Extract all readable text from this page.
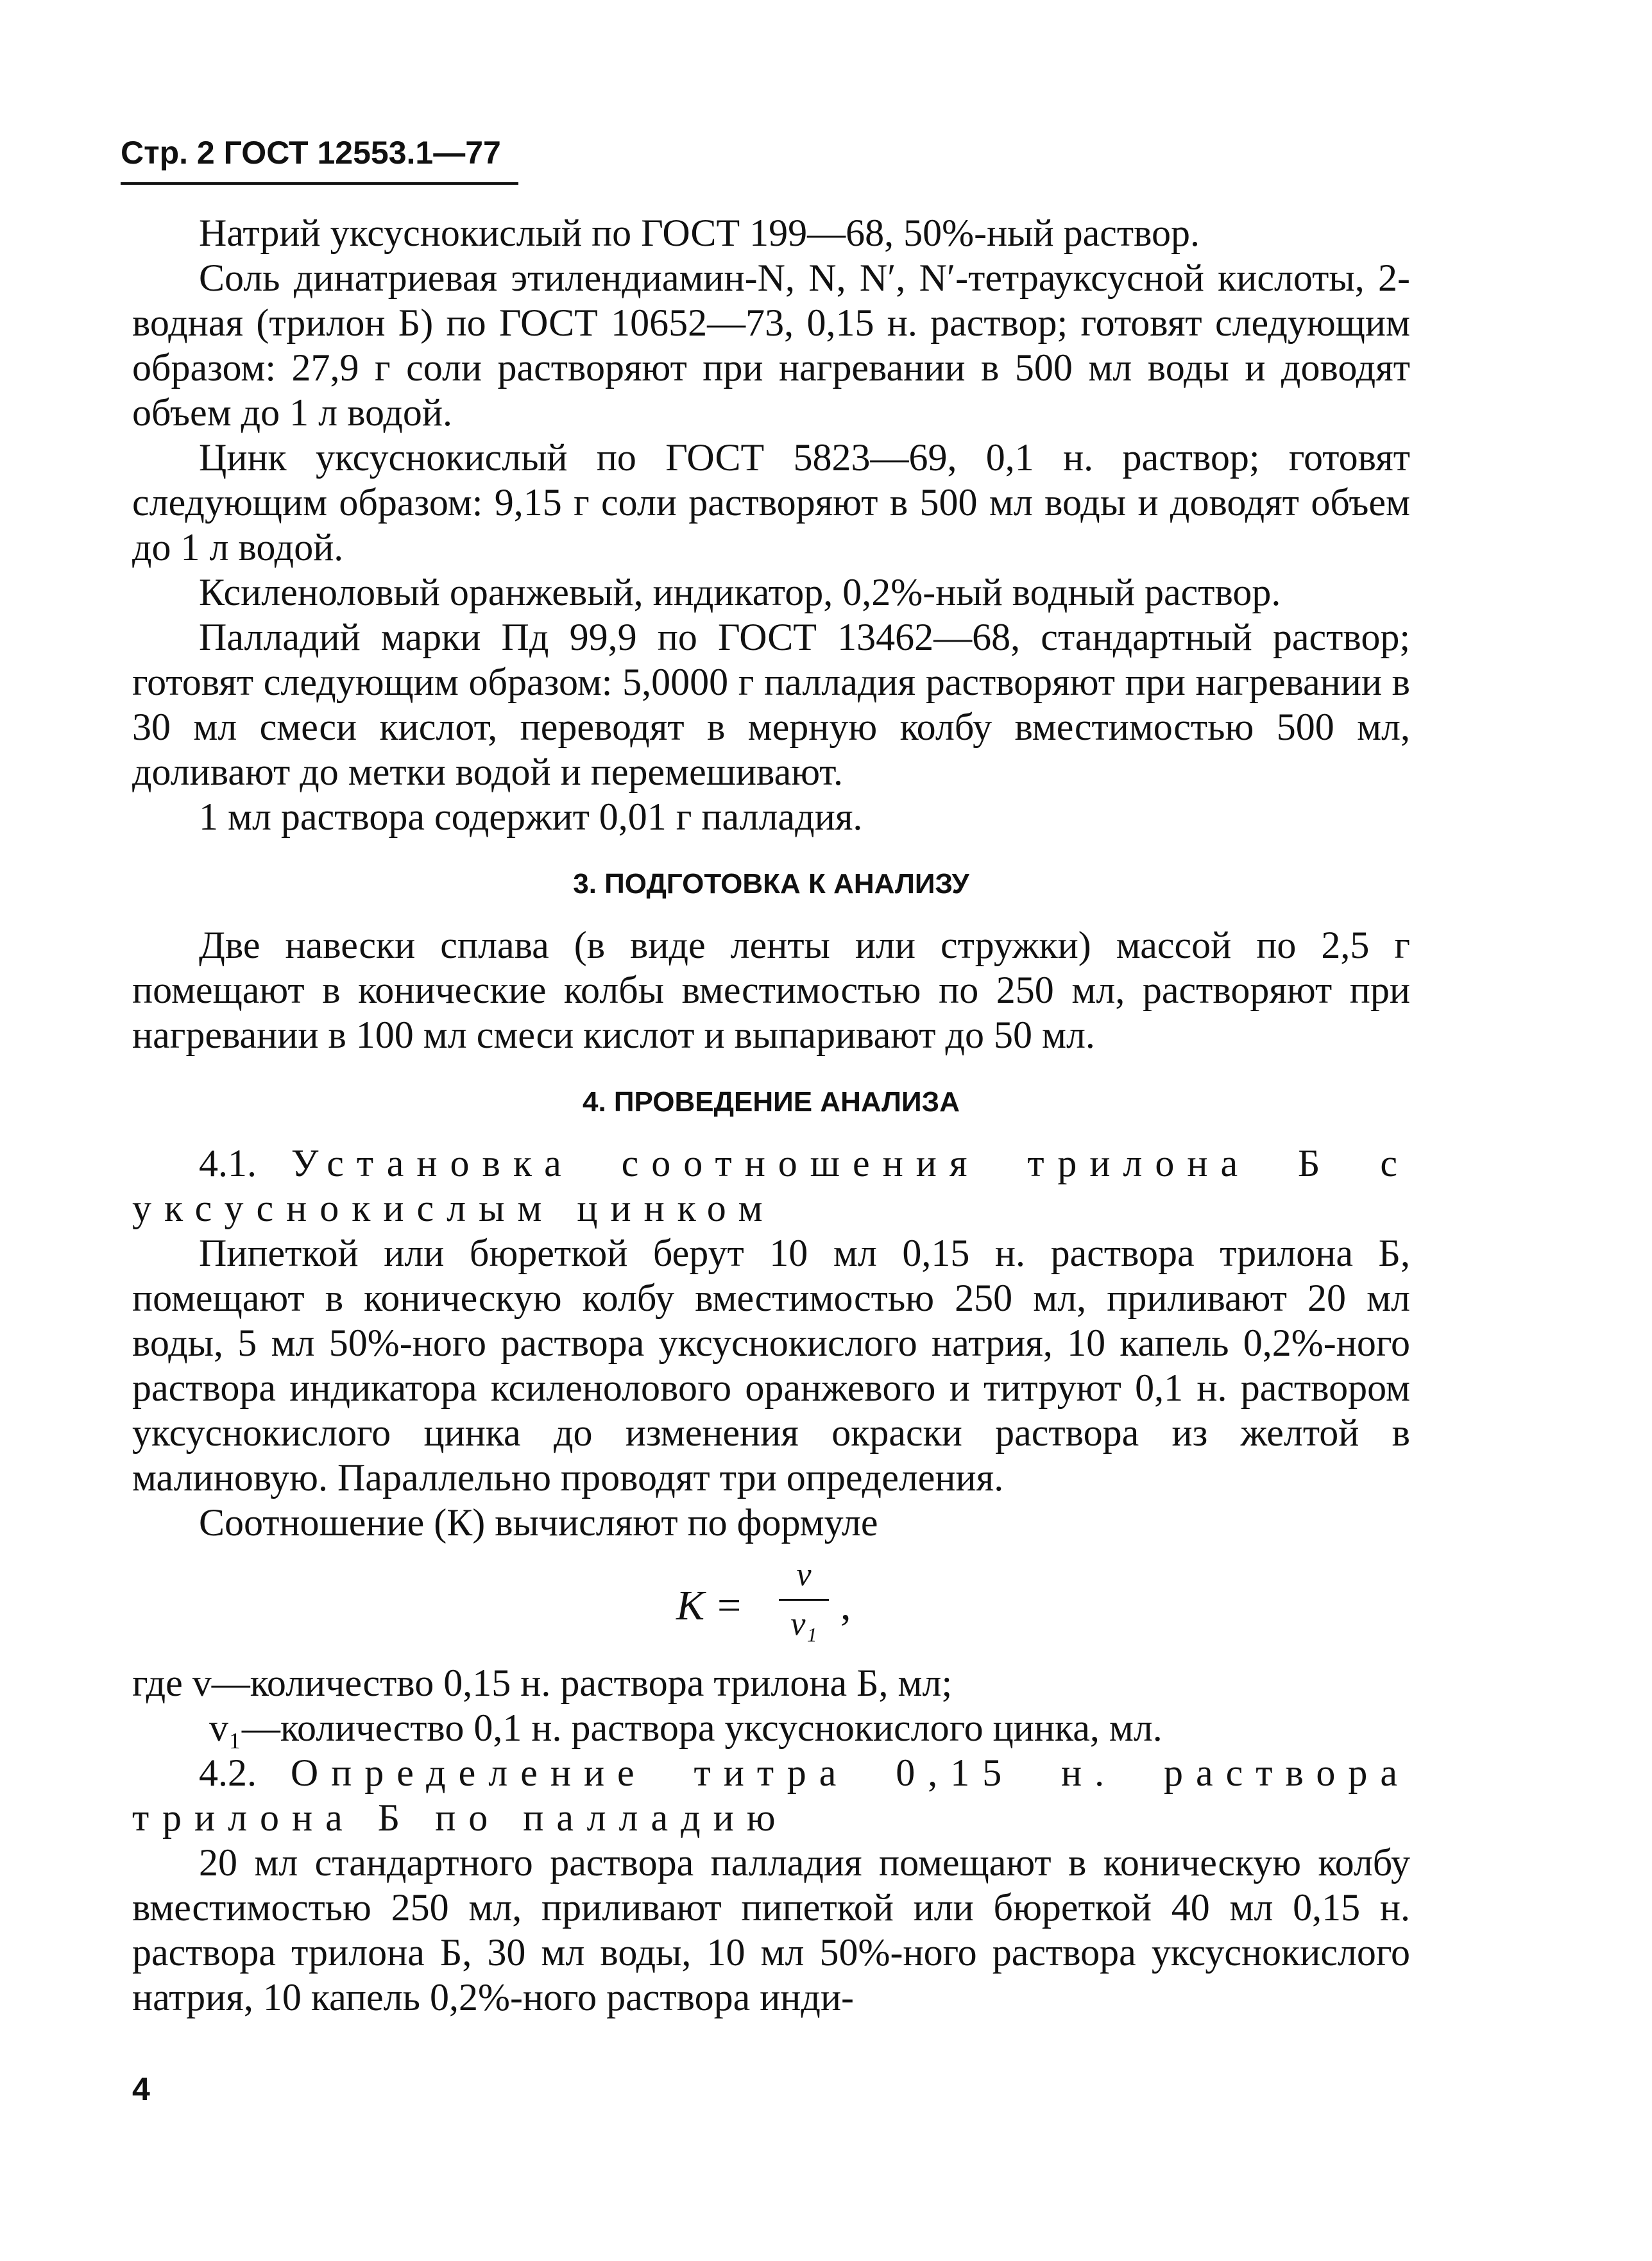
Стр. 2 ГОСТ 12553.1—77

Натрий уксуснокислый по ГОСТ 199—68, 50%-ный раствор.

Соль динатриевая этилендиамин-N, N, N′, N′-тетрауксусной кислоты, 2-водная (трилон Б) по ГОСТ 10652—73, 0,15 н. раствор; готовят следующим образом: 27,9 г соли растворяют при нагревании в 500 мл воды и доводят объем до 1 л водой.

Цинк уксуснокислый по ГОСТ 5823—69, 0,1 н. раствор; готовят следующим образом: 9,15 г соли растворяют в 500 мл воды и доводят объем до 1 л водой.

Ксиленоловый оранжевый, индикатор, 0,2%-ный водный раствор.

Палладий марки Пд 99,9 по ГОСТ 13462—68, стандартный раствор; готовят следующим образом: 5,0000 г палладия растворяют при нагревании в 30 мл смеси кислот, переводят в мерную колбу вместимостью 500 мл, доливают до метки водой и перемешивают.

1 мл раствора содержит 0,01 г палладия.

3. ПОДГОТОВКА К АНАЛИЗУ

Две навески сплава (в виде ленты или стружки) массой по 2,5 г помещают в конические колбы вместимостью по 250 мл, растворяют при нагревании в 100 мл смеси кислот и выпаривают до 50 мл.

4. ПРОВЕДЕНИЕ АНАЛИЗА

4.1. Установка соотношения трилона Б с уксуснокислым цинком

Пипеткой или бюреткой берут 10 мл 0,15 н. раствора трилона Б, помещают в коническую колбу вместимостью 250 мл, приливают 20 мл воды, 5 мл 50%-ного раствора уксуснокислого натрия, 10 капель 0,2%-ного раствора индикатора ксиленолового оранжевого и титруют 0,1 н. раствором уксуснокислого цинка до изменения окраски раствора из желтой в малиновую. Параллельно проводят три определения.

Соотношение (К) вычисляют по формуле

К =
v
v₁ ,

где v—количество 0,15 н. раствора трилона Б, мл;

v₁—количество 0,1 н. раствора уксуснокислого цинка, мл.

4.2. Определение титра 0,15 н. раствора трилона Б по палладию

20 мл стандартного раствора палладия помещают в коническую колбу вместимостью 250 мл, приливают пипеткой или бюреткой 40 мл 0,15 н. раствора трилона Б, 30 мл воды, 10 мл 50%-ного раствора уксуснокислого натрия, 10 капель 0,2%-ного раствора инди-

4
